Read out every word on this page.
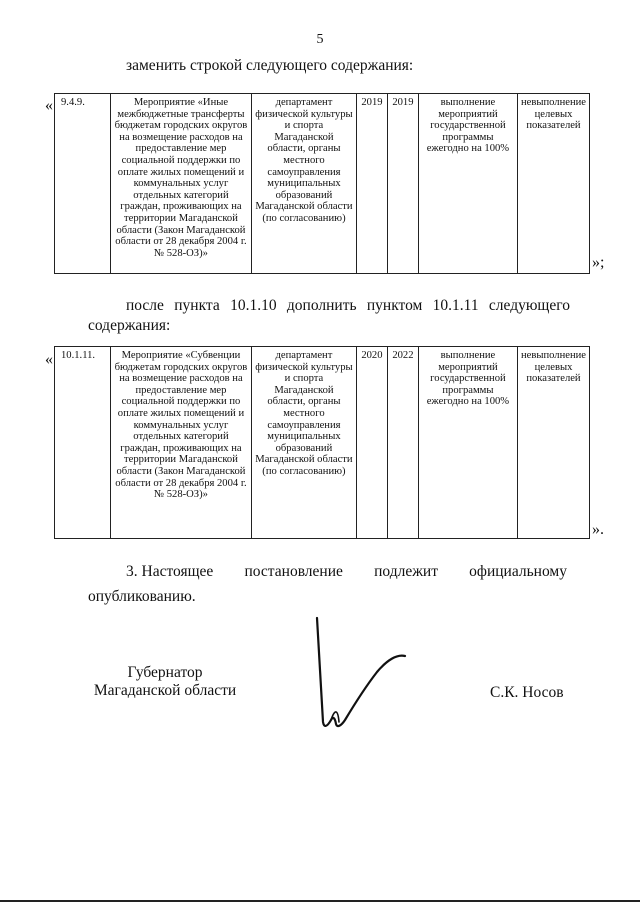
5
заменить строкой следующего содержания:
« 9.4.9.	Мероприятие «Иные межбюджетные трансферты бюджетам городских округов на возмещение расходов на предоставление мер социальной поддержки по оплате жилых помещений и коммунальных услуг отдельных категорий граждан, проживающих на территории Магаданской области (Закон Магаданской области от 28 декабря 2004 г. № 528-ОЗ)»	департамент физической культуры и спорта Магаданской области, органы местного самоуправления муниципальных образований Магаданской области (по согласованию)	2019	2019	выполнение мероприятий государственной программы ежегодно на 100%	невыполнение целевых показателей
»;
после пункта 10.1.10 дополнить пунктом 10.1.11 следующего
содержания:
« 10.1.11.	Мероприятие «Субвенции бюджетам городских округов на возмещение расходов на предоставление мер социальной поддержки по оплате жилых помещений и коммунальных услуг отдельных категорий граждан, проживающих на территории Магаданской области (Закон Магаданской области от 28 декабря 2004 г. № 528-ОЗ)»	департамент физической культуры и спорта Магаданской области, органы местного самоуправления муниципальных образований Магаданской области (по согласованию)	2020	2022	выполнение мероприятий государственной программы ежегодно на 100%	невыполнение целевых показателей
».
3. Настоящее постановление подлежит официальному
опубликованию.
Губернатор
Магаданской области	С.К. Носов
